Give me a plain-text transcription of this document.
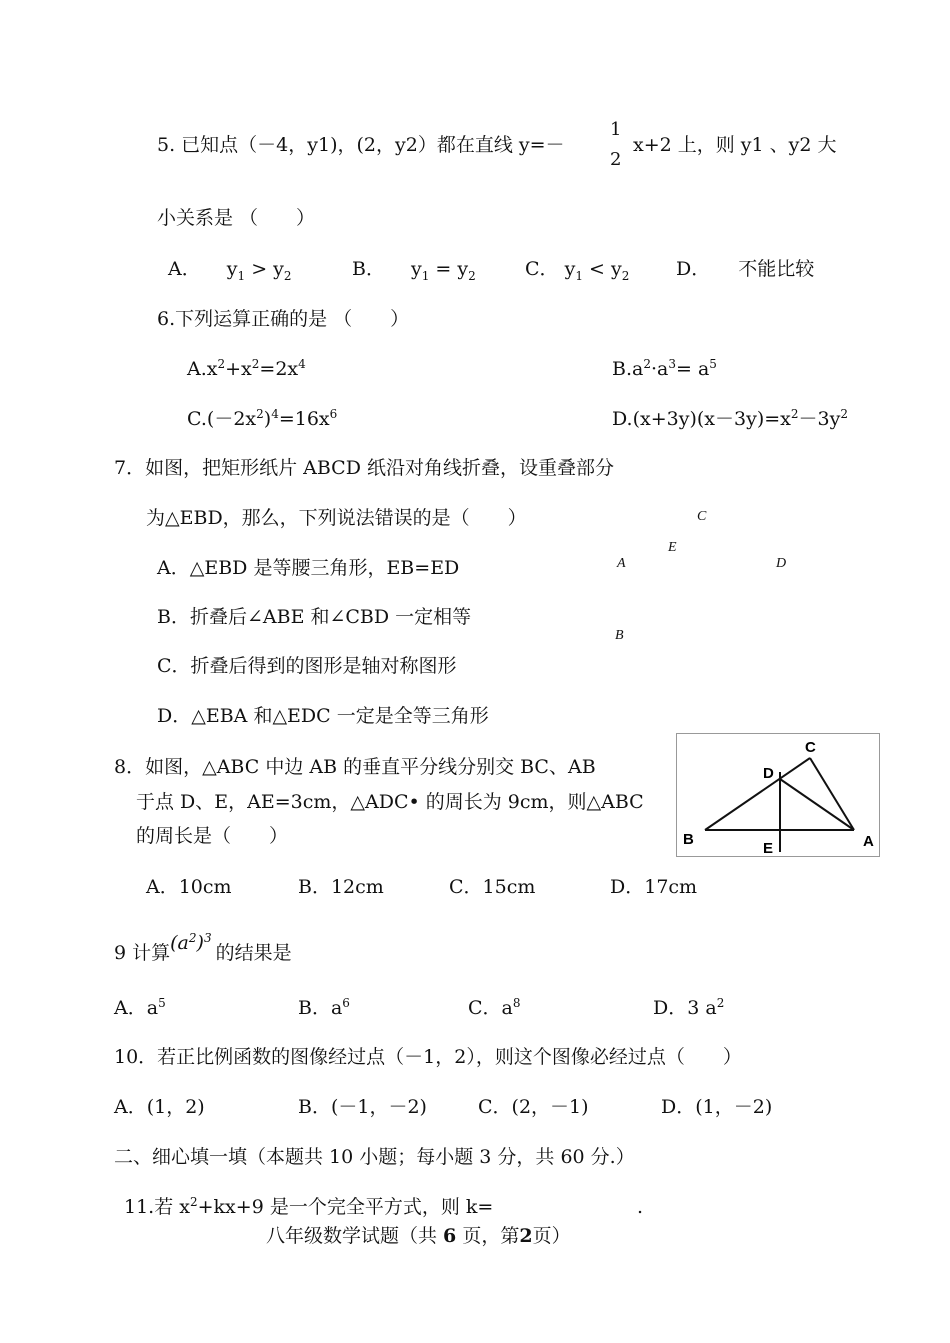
5. 已知点（－4，y1)，(2，y2）都在直线 y=－
1
2
x+2 上，则 y1 、y2 大
小关系是 （　　）
A． $y_1 > y_2$	B． $y_1 = y_2$	C． $y_1 < y_2$ D． 不能比较
6.下列运算正确的是 （　　）
$A.x^2+x^2=2x^4$	$B.a^2\cdot a^3= a^5$
$C.(-2x^2)^4=16x^6$	$D.(x+3y)(x-3y)=x^2-3y^2$
7．如图，把矩形纸片 ABCD 纸沿对角线折叠，设重叠部分
为△EBD，那么，下列说法错误的是（　　）
A．△EBD 是等腰三角形，EB=ED
B．折叠后∠ABE 和∠CBD 一定相等
C．折叠后得到的图形是轴对称图形
D．△EBA 和△EDC 一定是全等三角形
C
E
A	D
B
8．如图，△ABC 中边 AB 的垂直平分线分别交 BC、AB
于点 D、E，AE=3cm，△ADC• 的周长为 9cm，则△ABC
的周长是（　　）
C
D
B
E	A
A．10cm	B．12cm	C．15cm	D．17cm
9 计算$(a^2)^3$的结果是
A．$a^5$	B．$a^6$	C．$a^8$	D．3 $a^2$
10．若正比例函数的图像经过点（－1，2），则这个图像必经过点（　　）
A．(1，2)	B．(－1，－2)	C．(2，－1)	D．(1，－2)
二、细心填一填（本题共 10 小题；每小题 3 分，共 60 分.）
11.若 $x^2+kx+9$ 是一个完全平方式，则 k=	.
八年级数学试题（共 6 页，第2页）
